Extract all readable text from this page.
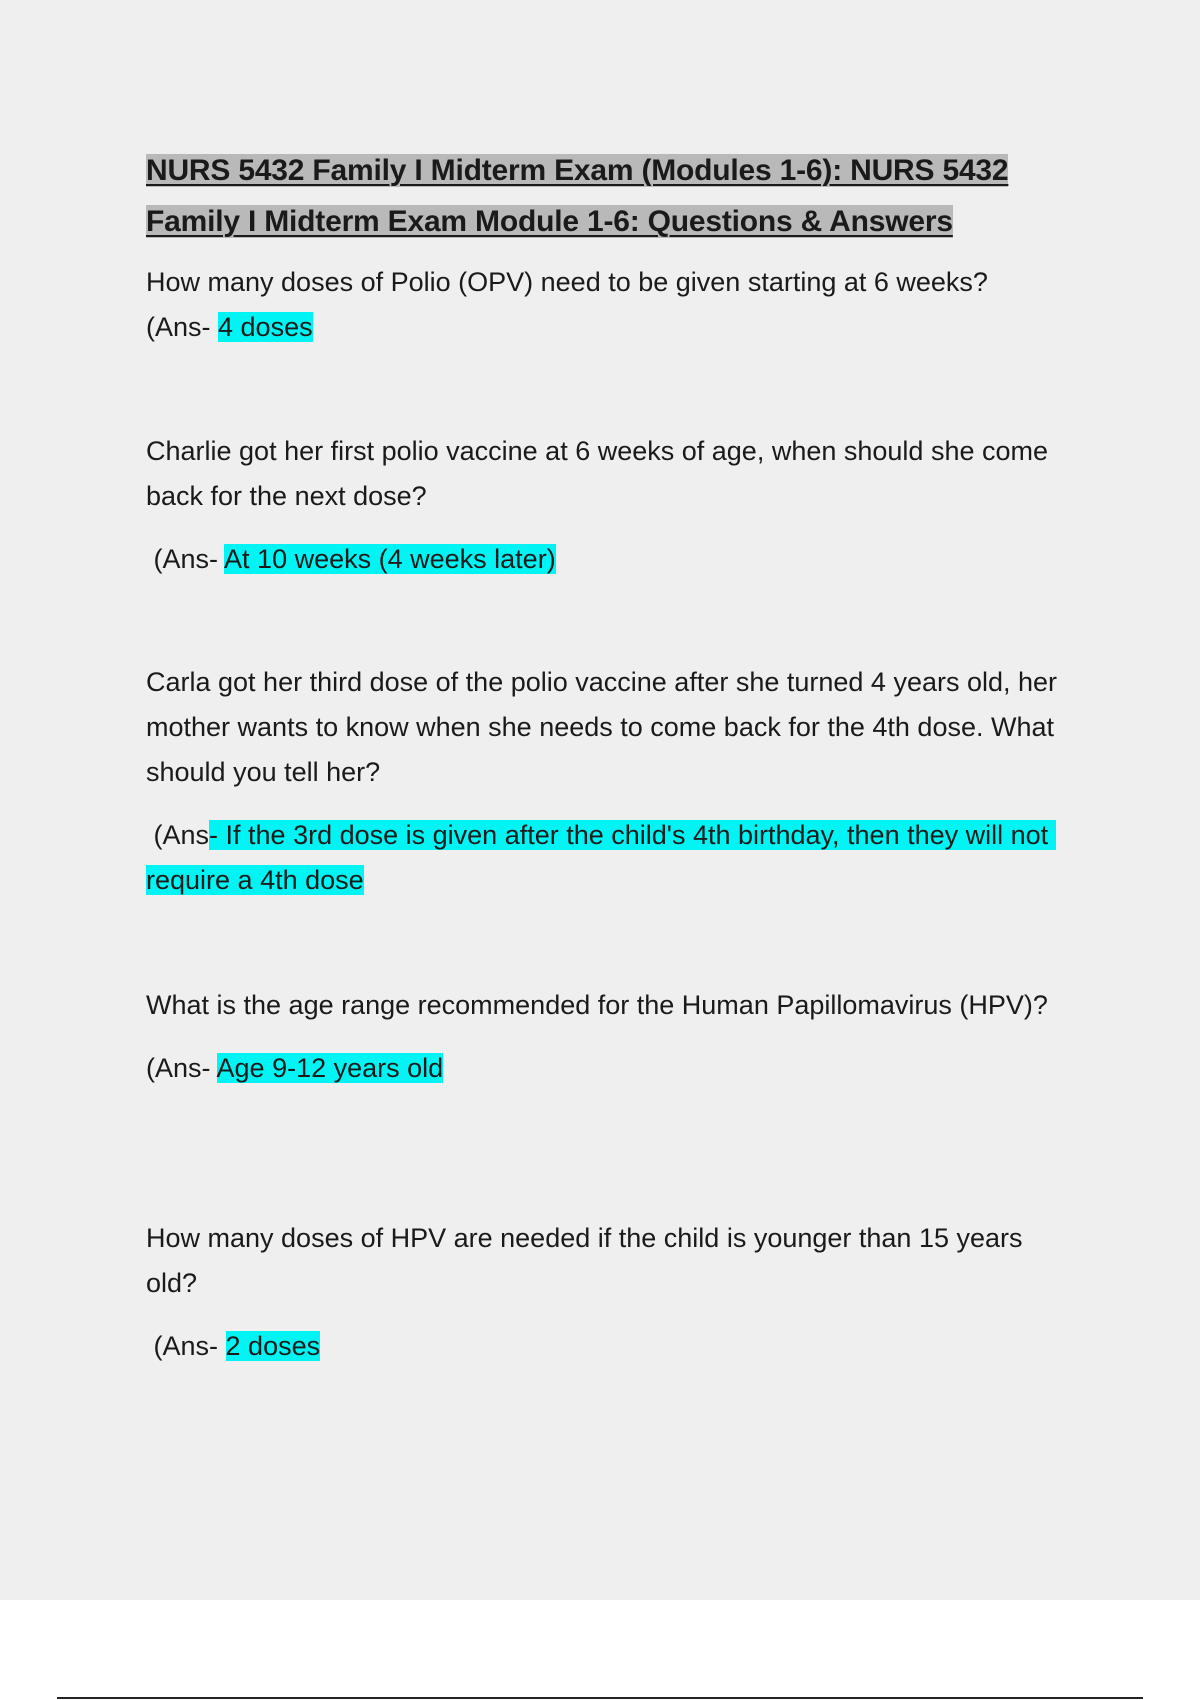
NURS 5432 Family I Midterm Exam (Modules 1-6): NURS 5432 Family I Midterm Exam Module 1-6: Questions & Answers

How many doses of Polio (OPV) need to be given starting at 6 weeks?

(Ans- 4 doses

Charlie got her first polio vaccine at 6 weeks of age, when should she come back for the next dose?

(Ans- At 10 weeks (4 weeks later)

Carla got her third dose of the polio vaccine after she turned 4 years old, her mother wants to know when she needs to come back for the 4th dose. What should you tell her?

(Ans- If the 3rd dose is given after the child's 4th birthday, then they will not require a 4th dose

What is the age range recommended for the Human Papillomavirus (HPV)?

(Ans- Age 9-12 years old

How many doses of HPV are needed if the child is younger than 15 years old?

(Ans- 2 doses
